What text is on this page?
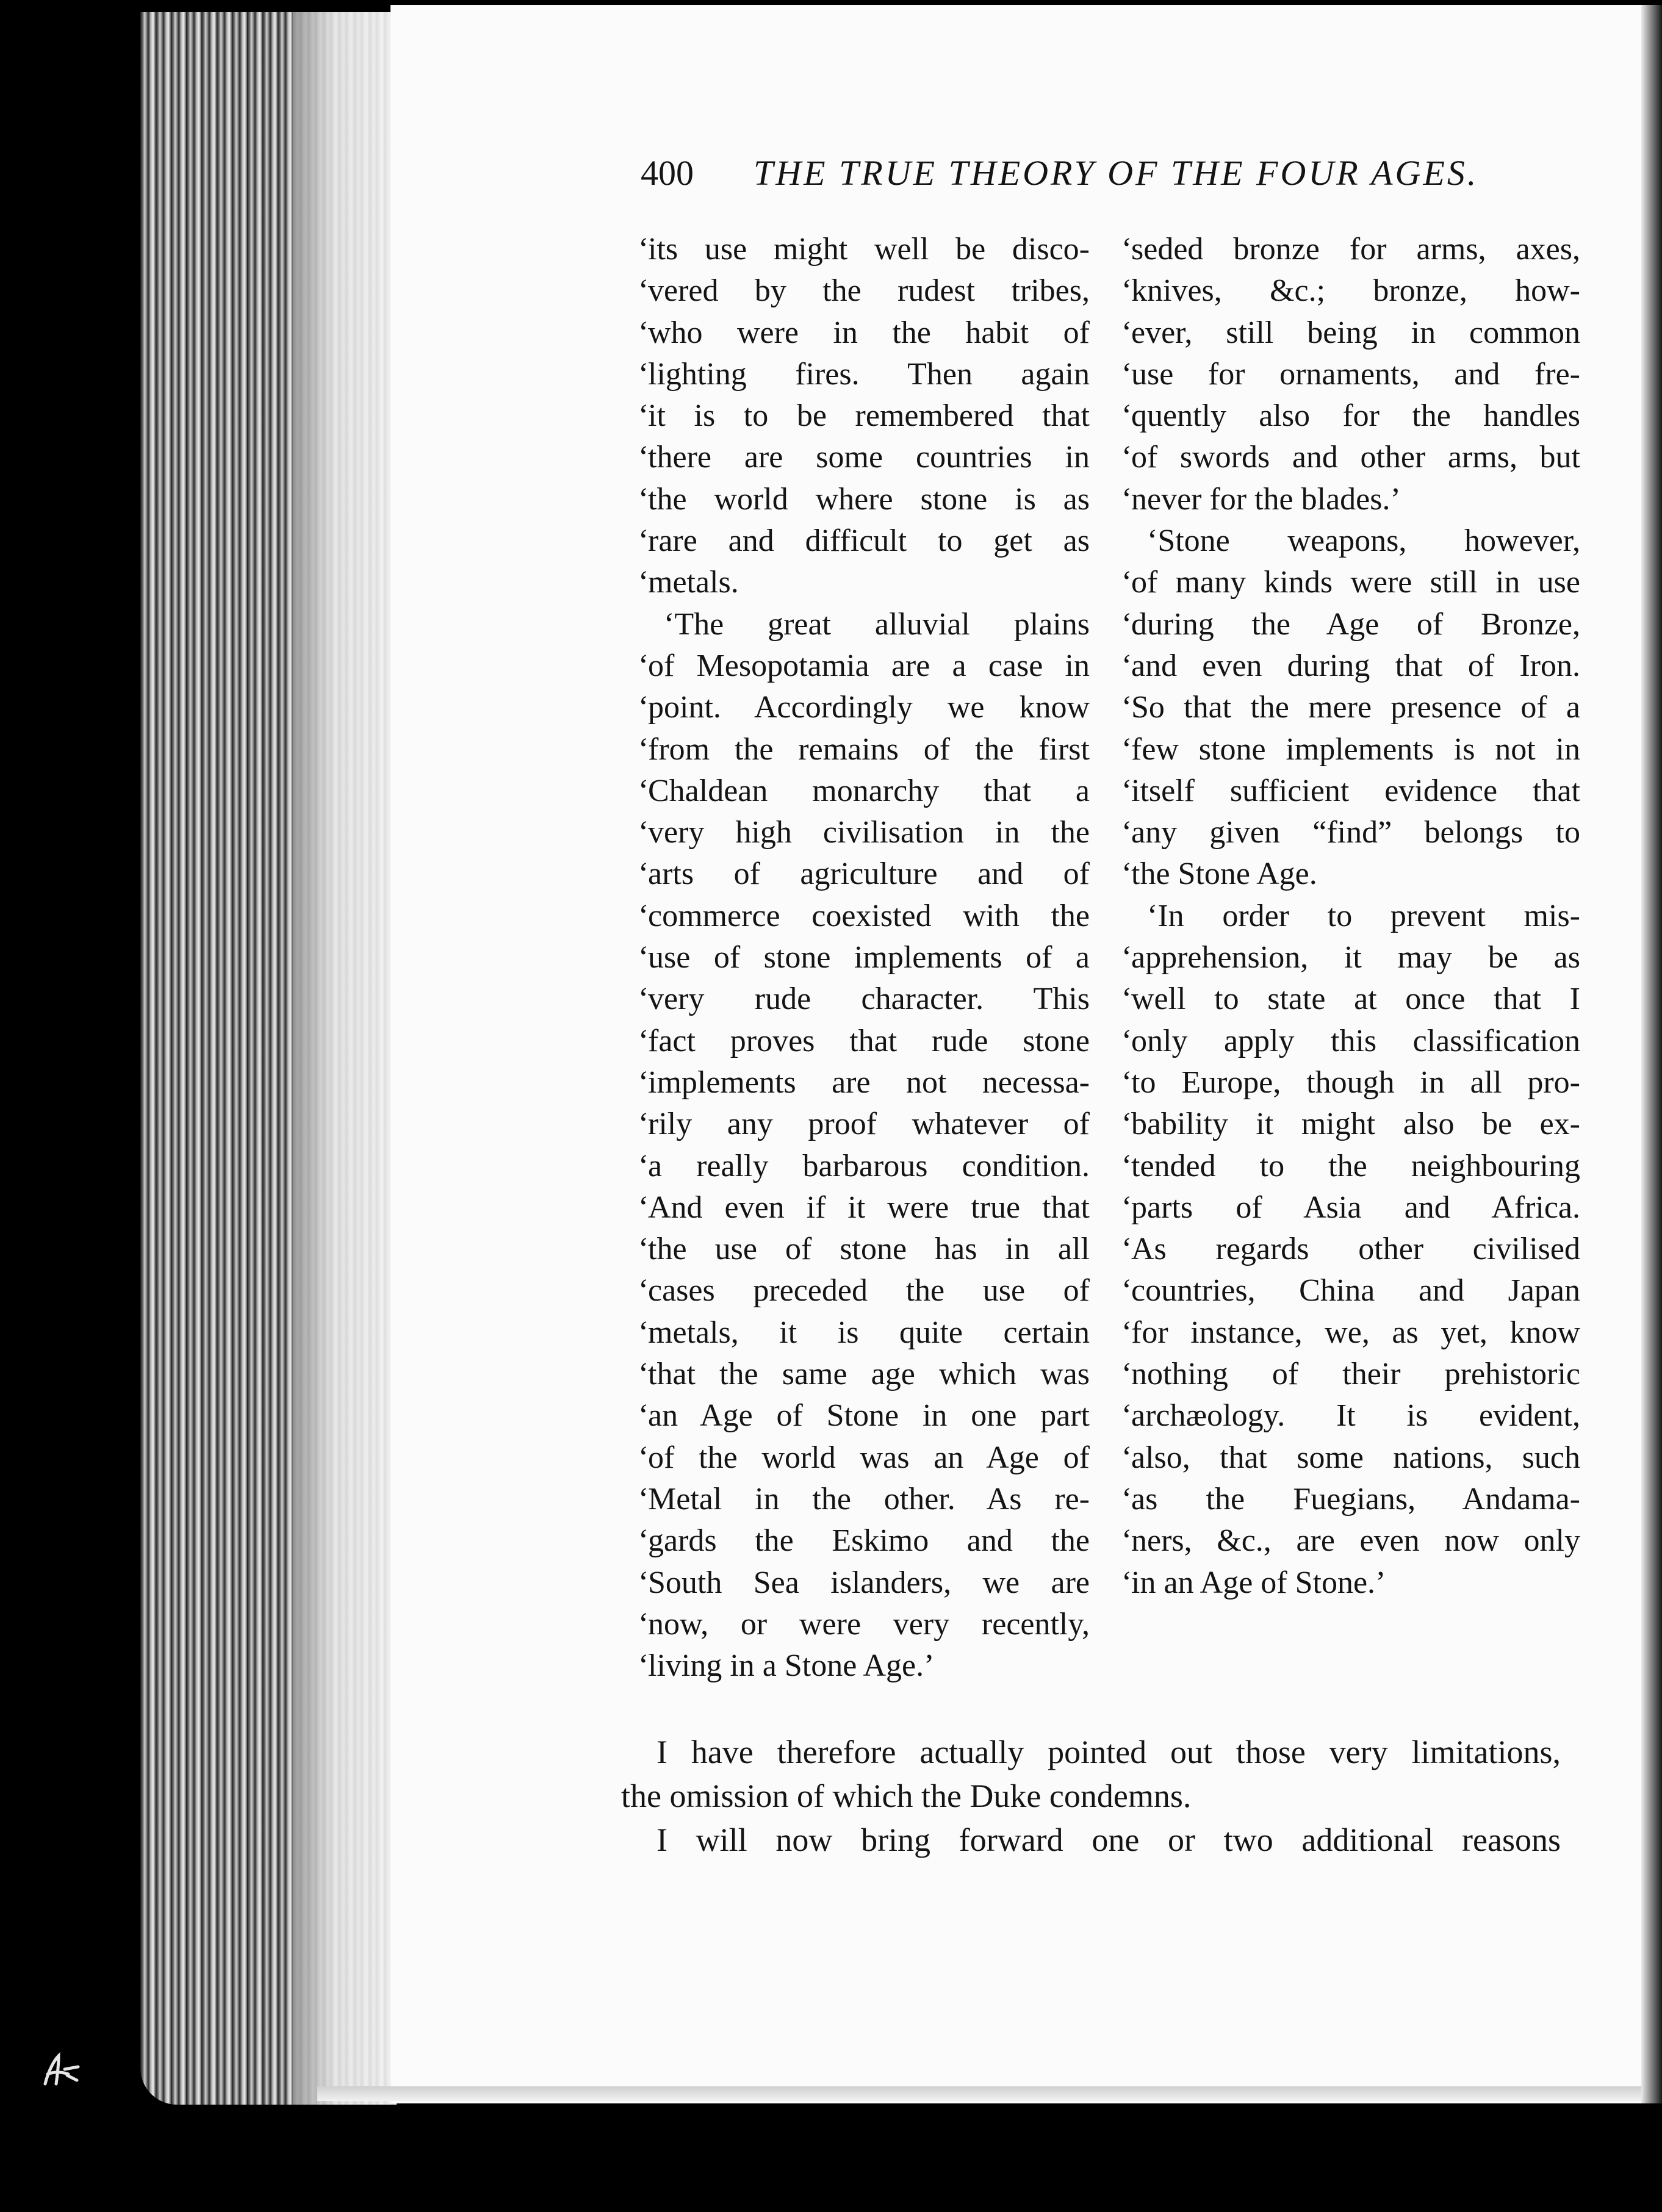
400 THE TRUE THEORY OF THE FOUR AGES.
‘
its use might well be disco-
‘
vered by the rudest tribes,
‘
who were in the habit of
‘
lighting fires. Then again
‘
it is to be remembered that
‘
there are some countries in
‘
the world where stone is as
‘
rare and difficult to get as
‘
metals.
‘The great alluvial plains
‘
of Mesopotamia are a case in
‘
point. Accordingly we know
‘
from the remains of the first
‘
Chaldean monarchy that a
‘
very high civilisation in the
‘
arts of agriculture and of
‘
commerce coexisted with the
‘
use of stone implements of a
‘
very rude character. This
‘
fact proves that rude stone
‘
implements are not necessa-
‘
rily any proof whatever of
‘
a really barbarous condition.
‘
And even if it were true that
‘
the use of stone has in all
‘
cases preceded the use of
‘
metals, it is quite certain
‘
that the same age which was
‘
an Age of Stone in one part
‘
of the world was an Age of
‘
Metal in the other. As re-
‘
gards the Eskimo and the
‘
South Sea islanders, we are
‘
now, or were very recently,
‘
living in a Stone Age.’
‘
seded bronze for arms, axes,
‘
knives, &c.; bronze, how-
‘
ever, still being in common
‘
use for ornaments, and fre-
‘
quently also for the handles
‘
of swords and other arms, but
‘
never for the blades.’
‘Stone weapons, however,
‘
of many kinds were still in use
‘
during the Age of Bronze,
‘
and even during that of Iron.
‘
So that the mere presence of a
‘
few stone implements is not in
‘
itself sufficient evidence that
‘
any given “find” belongs to
‘
the Stone Age.
‘In order to prevent mis-
‘
apprehension, it may be as
‘
well to state at once that I
‘
only apply this classification
‘
to Europe, though in all pro-
‘
bability it might also be ex-
‘
tended to the neighbouring
‘
parts of Asia and Africa.
‘
As regards other civilised
‘
countries, China and Japan
‘
for instance, we, as yet, know
‘
nothing of their prehistoric
‘
archæology. It is evident,
‘
also, that some nations, such
‘
as the Fuegians, Andama-
‘
ners, &c., are even now only
‘
in an Age of Stone.’
I have therefore actually pointed out those very limitations,
the omission of which the Duke condemns.
I will now bring forward one or two additional reasons
